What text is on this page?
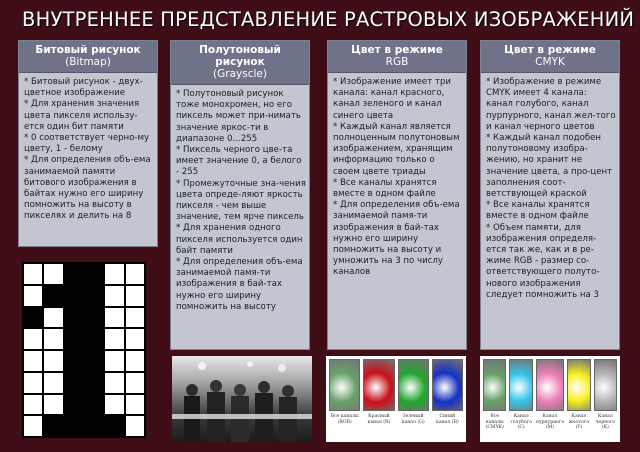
ВНУТРЕННЕЕ ПРЕДСТАВЛЕНИЕ РАСТРОВЫХ ИЗОБРАЖЕНИЙ
Битовый рисунок
(Bitmap)

* Битовый рисунок - двух-цветное изображение

* Для хранения значения цвета пикселя использу-ется один бит памяти

* 0 соответствует черно-му цвету, 1 - белому

* Для определения объ-ема занимаемой памяти битового изображения в байтах нужно его ширину помножить на высоту в пикселях и делить на 8

Полутоновый рисунок
(Grayscle)

* Полутоновый рисунок тоже монохромен, но его пиксель может при-нимать значение яркос-ти в диапазоне 0...255

* Пиксель черного цве-та имеет значение 0, а белого - 255

* Промежуточные зна-чения цвета опреде-ляют яркость пикселя - чем выше значение, тем ярче пиксель

* Для хранения одного пикселя используется один байт памяти

* Для определения объ-ема занимаемой памя-ти изображения в бай-тах нужно его ширину помножить на высоту

Цвет в режиме
RGB

* Изображение имеет три канала: канал красного, канал зеленого и канал синего цвета

* Каждый канал является полноценным полутоновым изображением, хранящим информацию только о своем цвете триады

* Все каналы хранятся вместе в одном файле

* Для определения объ-ема занимаемой памя-ти изображения в бай-тах нужно его ширину помножить на высоту и умножить на 3 по числу каналов

Цвет в режиме
CMYK

* Изображение в режиме CMYK имеет 4 канала: канал голубого, канал пурпурного, канал жел-того и канал черного цветов

* Каждый канал подобен полутоновому изобра-жению, но хранит не значение цвета, а про-цент заполнения соот-ветствующей краской

* Все каналы хранятся вместе в одном файле

* Объем памяти, для изображения определя-ется так же, как и в ре-жиме RGB - размер со-ответствующего полуто-нового изображения следует помножить на 3

Все каналы (RGB)
Красный канал (R)
Зеленый канал (G)
Синий канал (B)
Все каналы (CMYK)
Канал голубого (C)
Канал пурпурного (M)
Канал желтого (Y)
Канал черного (K)
